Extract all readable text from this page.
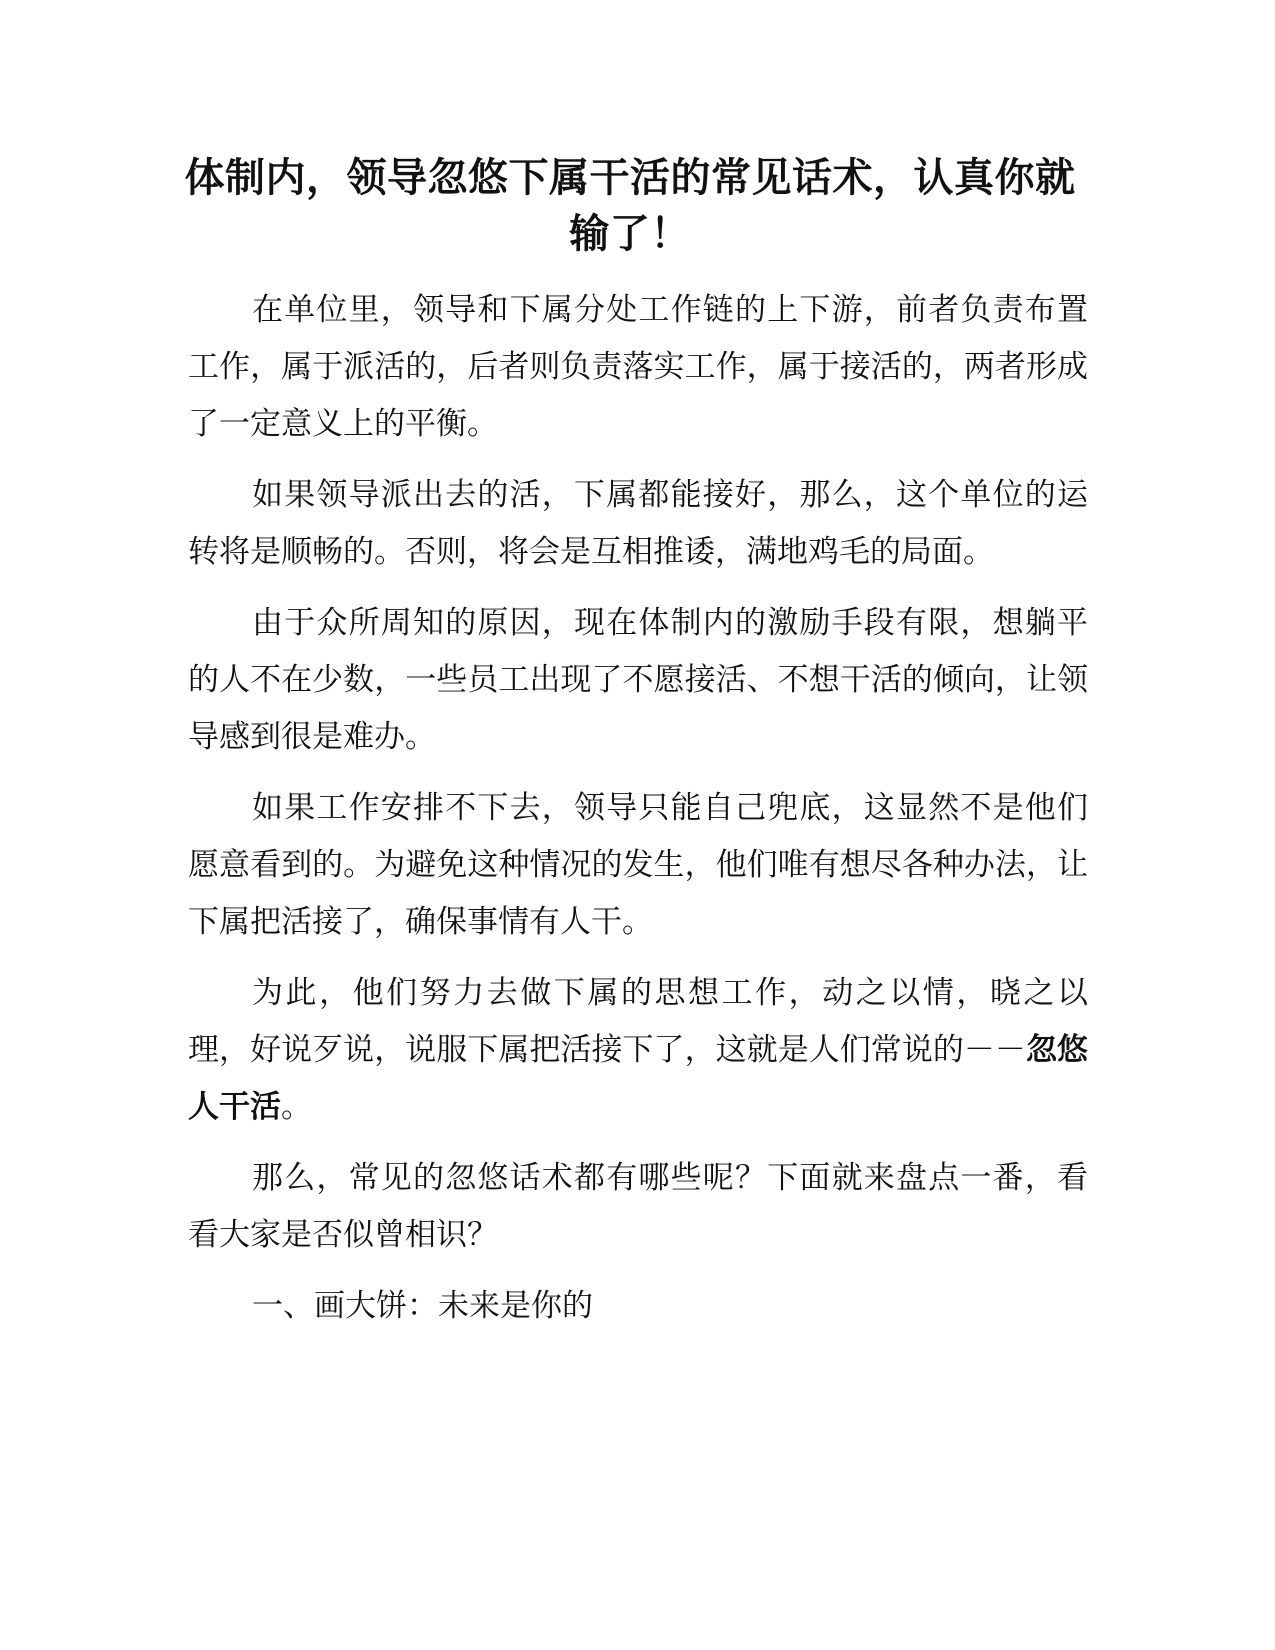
体制内，领导忽悠下属干活的常见话术，认真你就输了！

在单位里，领导和下属分处工作链的上下游，前者负责布置工作，属于派活的，后者则负责落实工作，属于接活的，两者形成了一定意义上的平衡。

如果领导派出去的活，下属都能接好，那么，这个单位的运转将是顺畅的。否则，将会是互相推诿，满地鸡毛的局面。

由于众所周知的原因，现在体制内的激励手段有限，想躺平的人不在少数，一些员工出现了不愿接活、不想干活的倾向，让领导感到很是难办。

如果工作安排不下去，领导只能自己兜底，这显然不是他们愿意看到的。为避免这种情况的发生，他们唯有想尽各种办法，让下属把活接了，确保事情有人干。

为此，他们努力去做下属的思想工作，动之以情，晓之以理，好说歹说，说服下属把活接下了，这就是人们常说的－－忽悠人干活。

那么，常见的忽悠话术都有哪些呢？下面就来盘点一番，看看大家是否似曾相识？

一、画大饼：未来是你的
